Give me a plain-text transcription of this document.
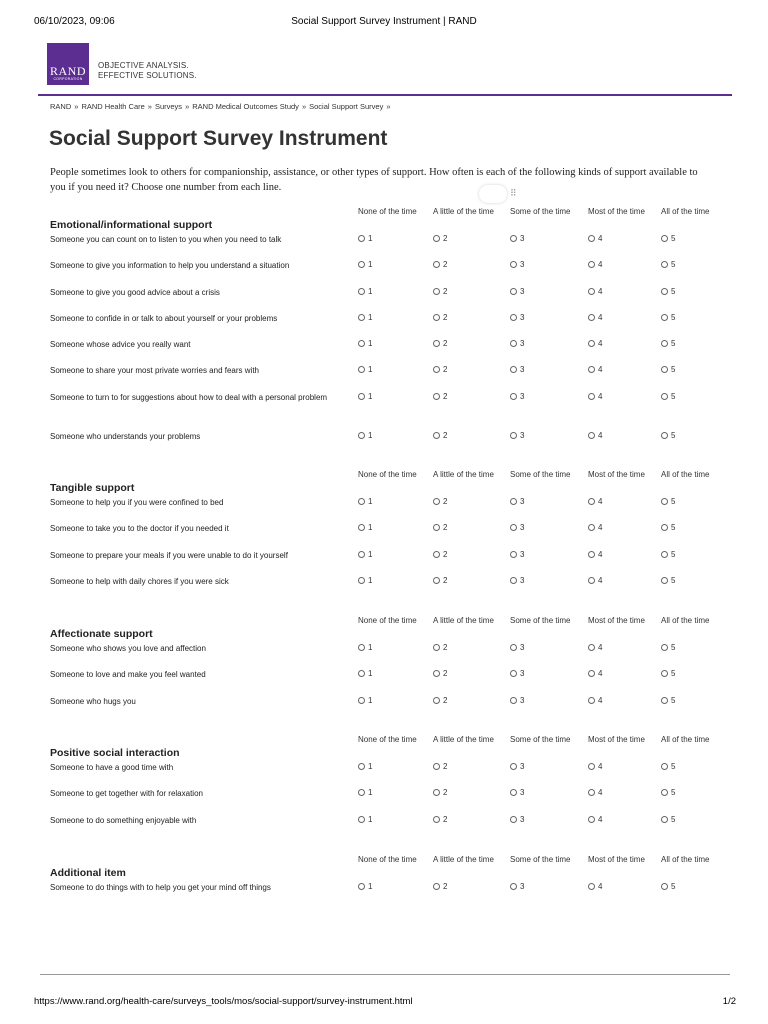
06/10/2023, 09:06	Social Support Survey Instrument | RAND
RAND
CORPORATION
OBJECTIVE ANALYSIS.
EFFECTIVE SOLUTIONS.
RAND » RAND Health Care » Surveys » RAND Medical Outcomes Study » Social Support Survey »
Social Support Survey Instrument

People sometimes look to others for companionship, assistance, or other types of support. How often is each of the following kinds of support available to you if you need it? Choose one number from each line.	⠿
Emotional/informational support
None of the time	A little of the time	Some of the time	Most of the time	All of the time
Someone you can count on to listen to you when you need to talk	1	2	3	4	5
Someone to give you information to help you understand a situation	1	2	3	4	5
Someone to give you good advice about a crisis	1	2	3	4	5
Someone to confide in or talk to about yourself or your problems	1	2	3	4	5
Someone whose advice you really want	1	2	3	4	5
Someone to share your most private worries and fears with	1	2	3	4	5
Someone to turn to for suggestions about how to deal with a personal problem	1	2	3	4	5
Someone who understands your problems	1	2	3	4	5
Tangible support
None of the time	A little of the time	Some of the time	Most of the time	All of the time
Someone to help you if you were confined to bed	1	2	3	4	5
Someone to take you to the doctor if you needed it	1	2	3	4	5
Someone to prepare your meals if you were unable to do it yourself	1	2	3	4	5
Someone to help with daily chores if you were sick	1	2	3	4	5
Affectionate support
None of the time	A little of the time	Some of the time	Most of the time	All of the time
Someone who shows you love and affection	1	2	3	4	5
Someone to love and make you feel wanted	1	2	3	4	5
Someone who hugs you	1	2	3	4	5
Positive social interaction
None of the time	A little of the time	Some of the time	Most of the time	All of the time
Someone to have a good time with	1	2	3	4	5
Someone to get together with for relaxation	1	2	3	4	5
Someone to do something enjoyable with	1	2	3	4	5
Additional item
None of the time	A little of the time	Some of the time	Most of the time	All of the time
Someone to do things with to help you get your mind off things	1	2	3	4	5
https://www.rand.org/health-care/surveys_tools/mos/social-support/survey-instrument.html	1/2
